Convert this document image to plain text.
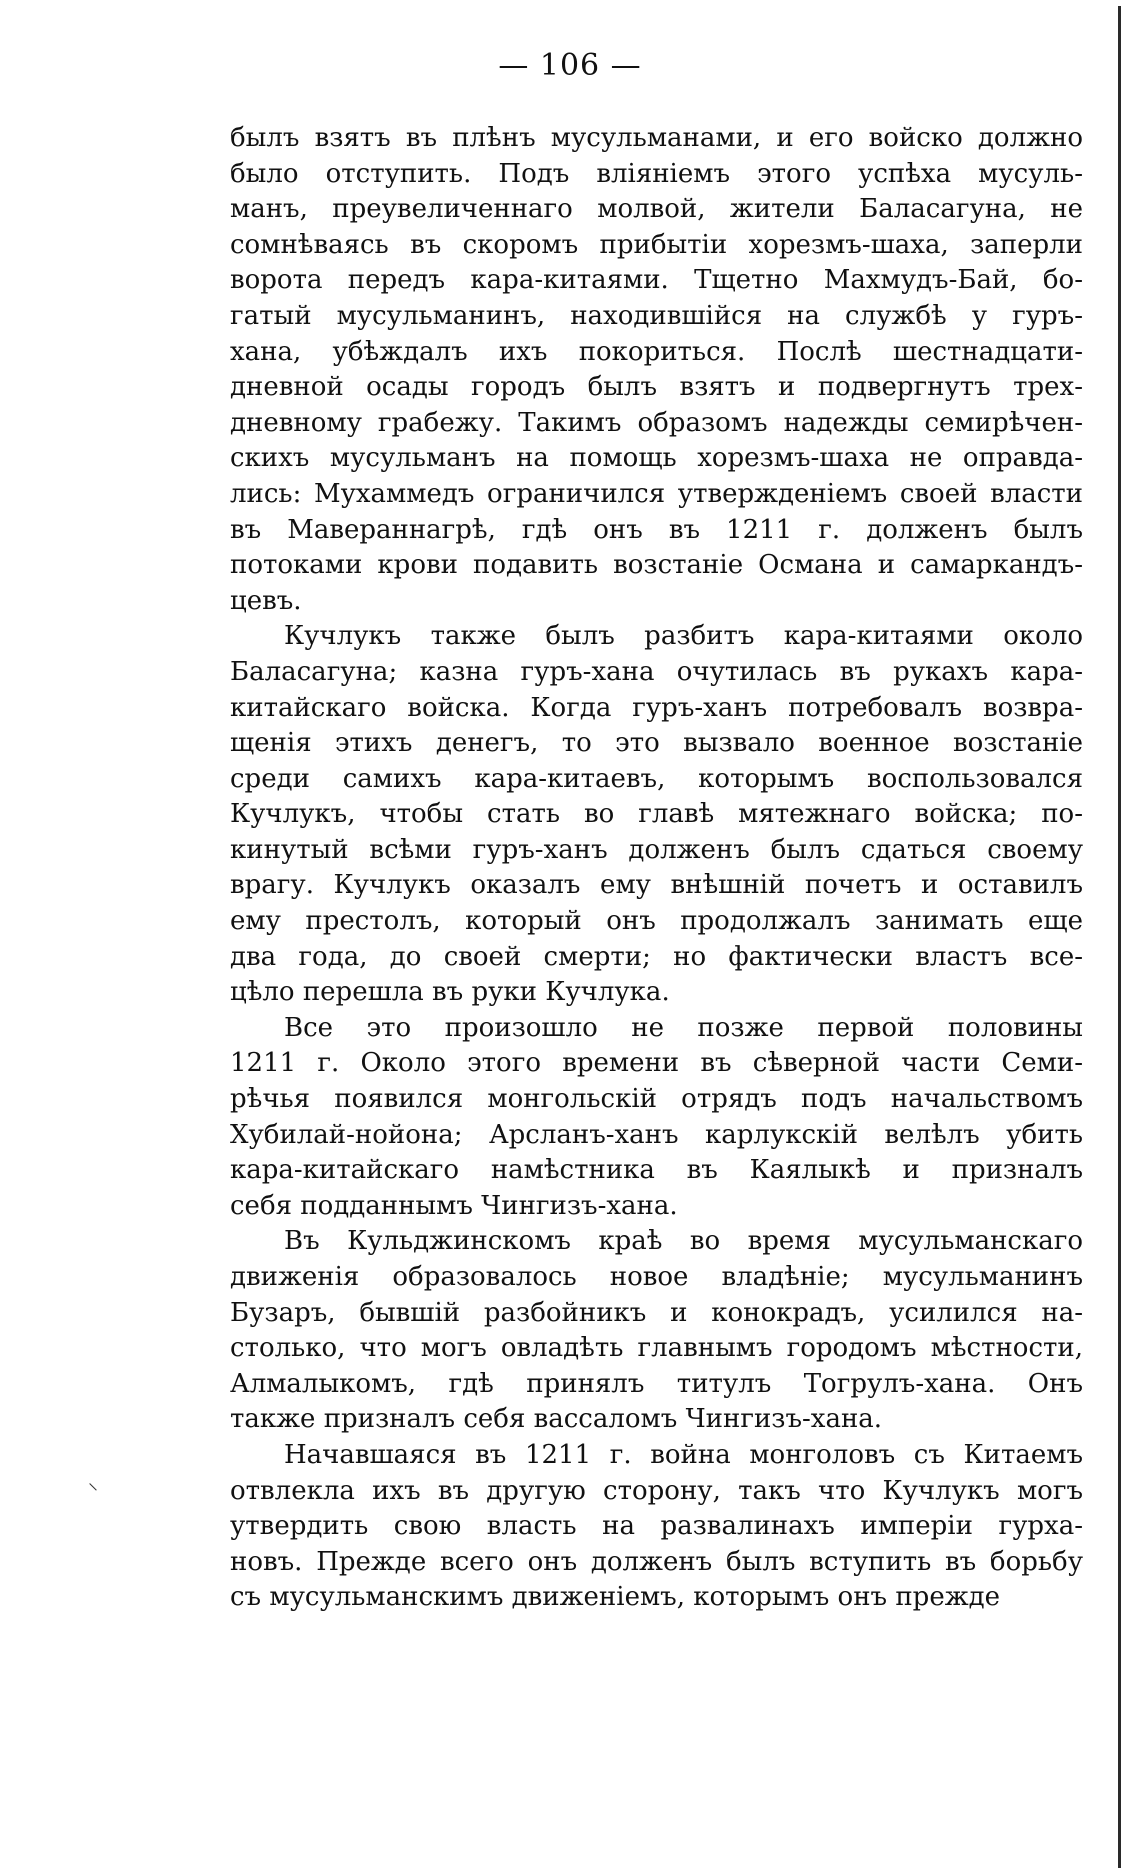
— 106 —
былъ взятъ въ плѣнъ мусульманами, и его войско должно
было отступить. Подъ вліяніемъ этого успѣха мусуль-
манъ, преувеличеннаго молвой, жители Баласагуна, не
сомнѣваясь въ скоромъ прибытіи хорезмъ-шаха, заперли
ворота передъ кара-китаями. Тщетно Махмудъ-Бай, бо-
гатый мусульманинъ, находившійся на службѣ у гуръ-
хана, убѣждалъ ихъ покориться. Послѣ шестнадцати-
дневной осады городъ былъ взятъ и подвергнутъ трех-
дневному грабежу. Такимъ образомъ надежды семирѣчен-
скихъ мусульманъ на помощь хорезмъ-шаха не оправда-
лись: Мухаммедъ ограничился утвержденіемъ своей власти
въ Мавераннагрѣ, гдѣ онъ въ 1211 г. долженъ былъ
потоками крови подавить возстаніе Османа и самаркандъ-
цевъ.
Кучлукъ также былъ разбитъ кара-китаями около
Баласагуна; казна гуръ-хана очутилась въ рукахъ кара-
китайскаго войска. Когда гуръ-ханъ потребовалъ возвра-
щенія этихъ денегъ, то это вызвало военное возстаніе
среди самихъ кара-китаевъ, которымъ воспользовался
Кучлукъ, чтобы стать во главѣ мятежнаго войска; по-
кинутый всѣми гуръ-ханъ долженъ былъ сдаться своему
врагу. Кучлукъ оказалъ ему внѣшній почетъ и оставилъ
ему престолъ, который онъ продолжалъ занимать еще
два года, до своей смерти; но фактически властъ все-
цѣло перешла въ руки Кучлука.
Все это произошло не позже первой половины
1211 г. Около этого времени въ сѣверной части Семи-
рѣчья появился монгольскій отрядъ подъ начальствомъ
Хубилай-нойона; Арсланъ-ханъ карлукскій велѣлъ убить
кара-китайскаго намѣстника въ Каялыкѣ и призналъ
себя подданнымъ Чингизъ-хана.
Въ Кульджинскомъ краѣ во время мусульманскаго
движенія образовалось новое владѣніе; мусульманинъ
Бузаръ, бывшій разбойникъ и конокрадъ, усилился на-
столько, что могъ овладѣть главнымъ городомъ мѣстности,
Алмалыкомъ, гдѣ принялъ титулъ Тогрулъ-хана. Онъ
также призналъ себя вассаломъ Чингизъ-хана.
Начавшаяся въ 1211 г. война монголовъ съ Китаемъ
отвлекла ихъ въ другую сторону, такъ что Кучлукъ могъ
утвердить свою власть на развалинахъ имперіи гурха-
новъ. Прежде всего онъ долженъ былъ вступить въ борьбу
съ мусульманскимъ движеніемъ, которымъ онъ прежде
⸜
